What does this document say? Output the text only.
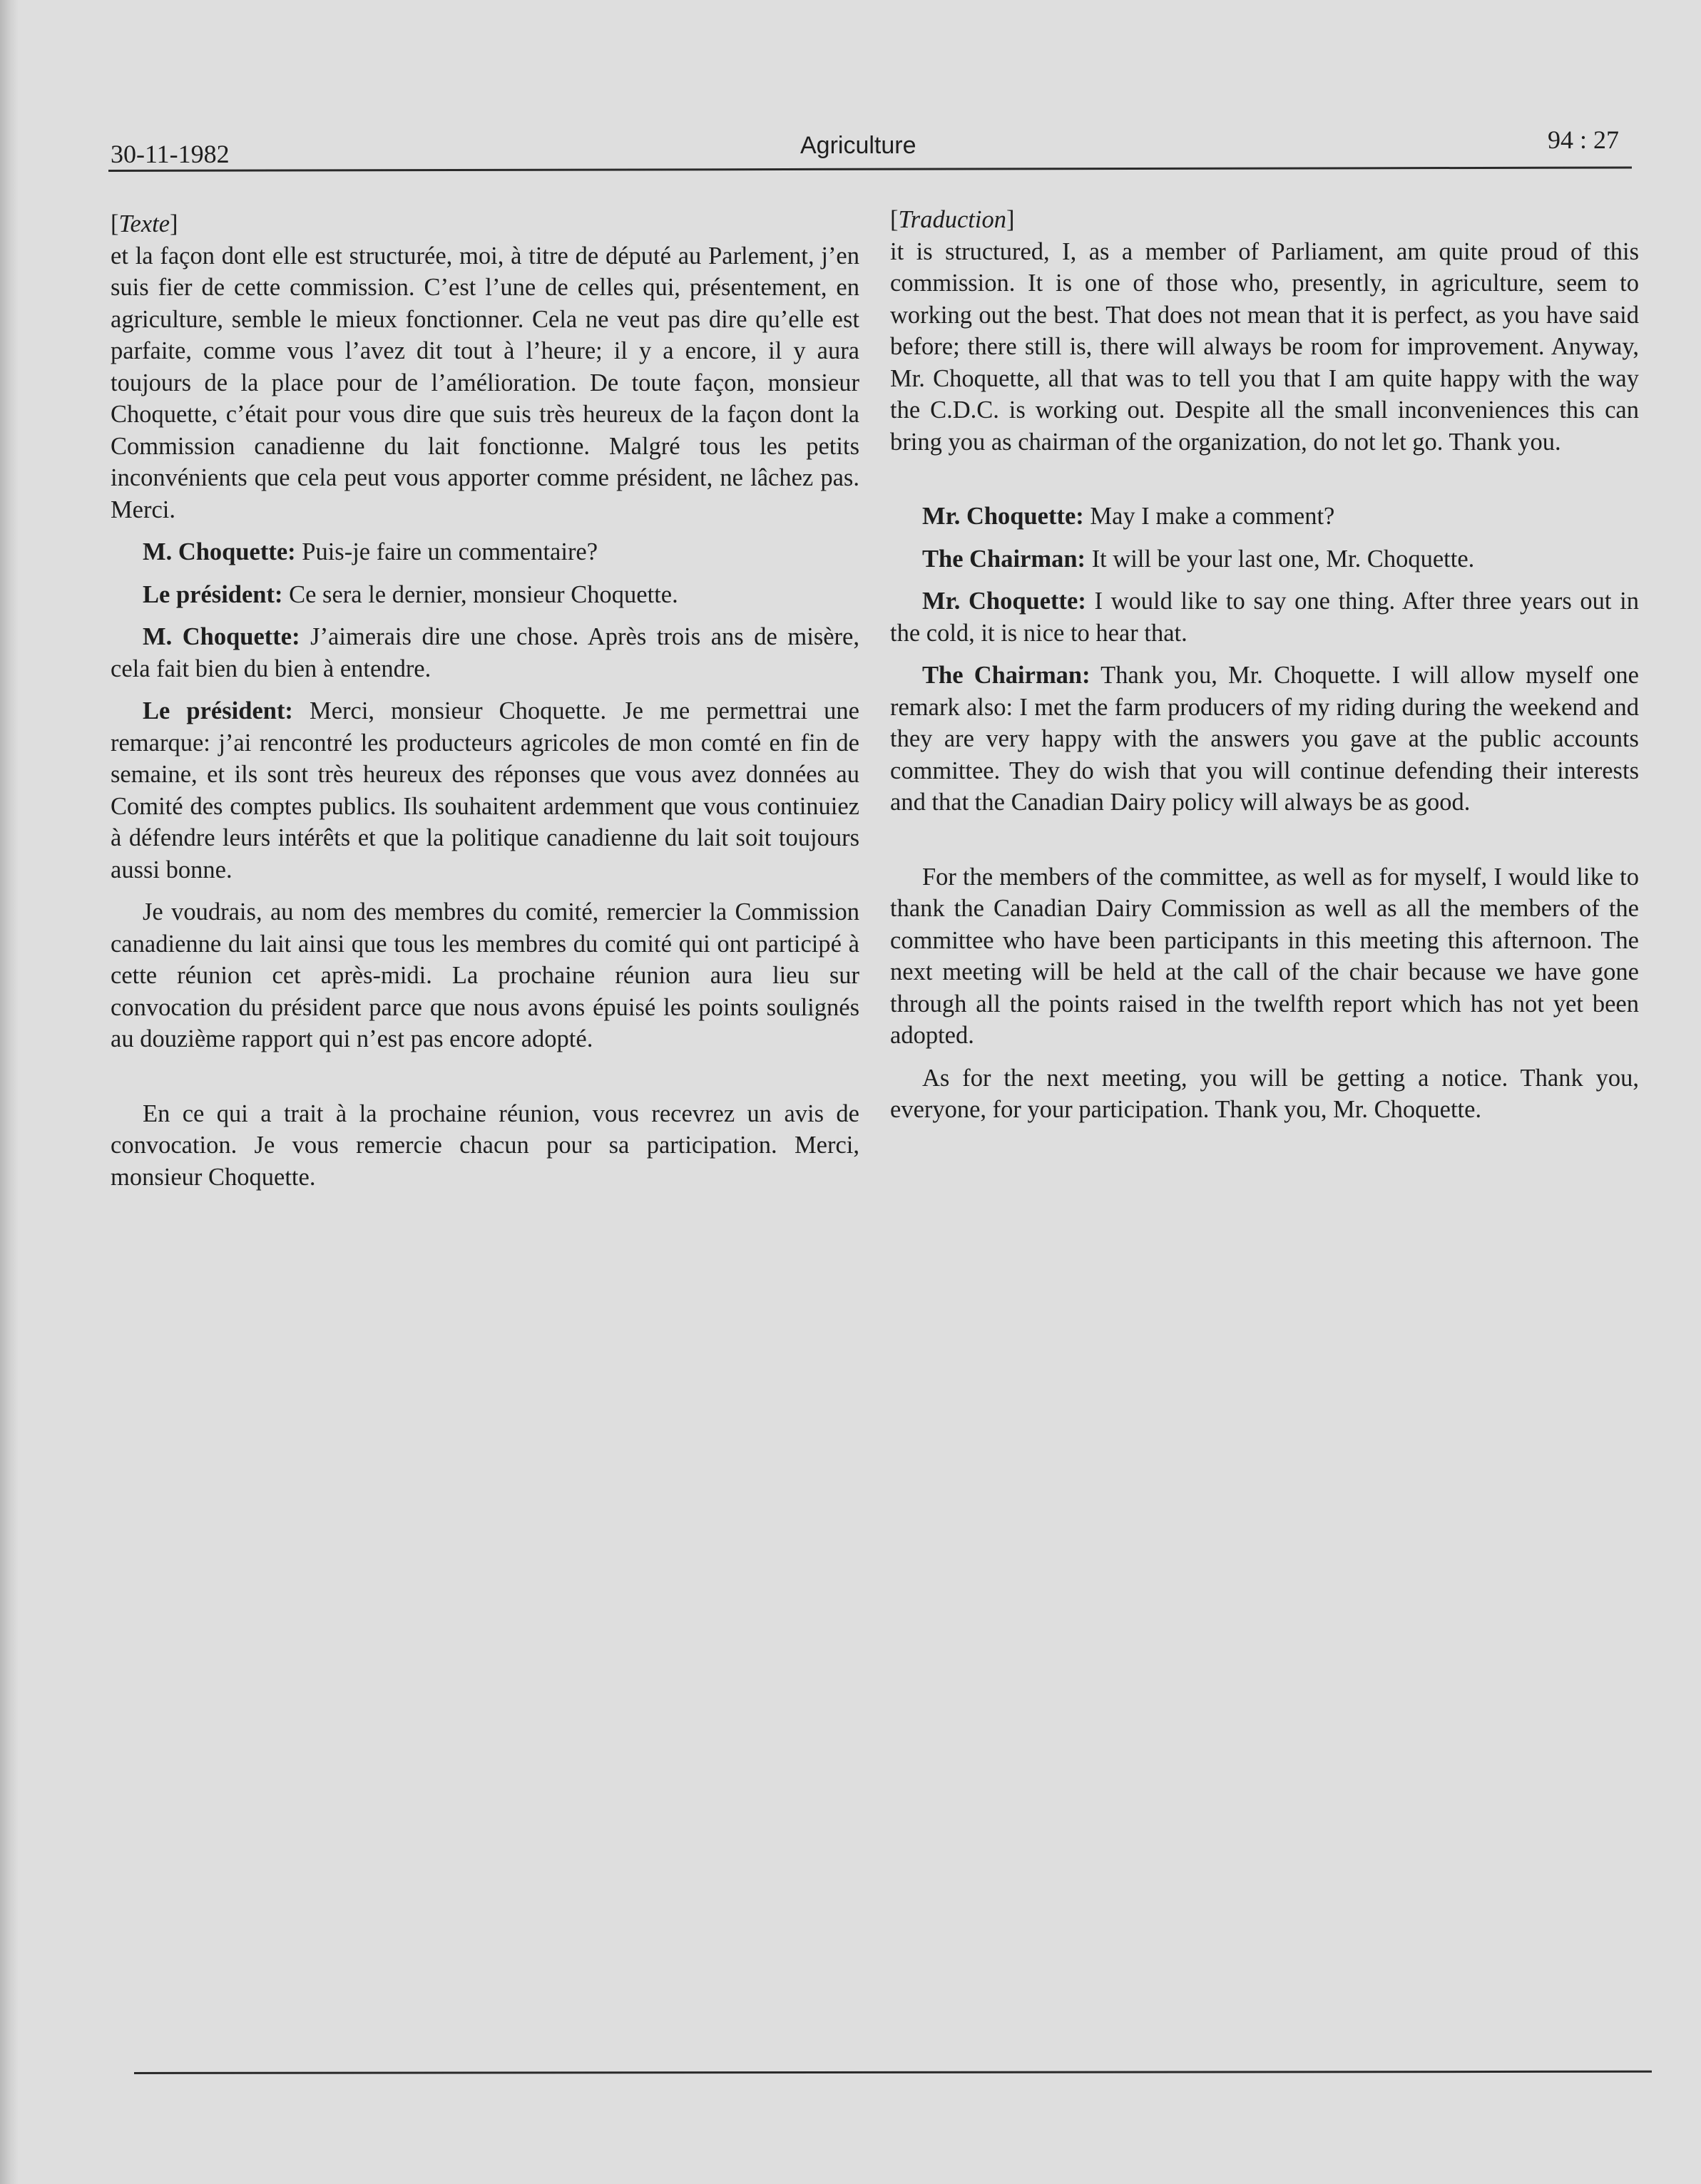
30-11-1982	Agriculture	94 : 27

[Texte]

et la façon dont elle est structurée, moi, à titre de député au Parlement, j’en suis fier de cette commission. C’est l’une de celles qui, présentement, en agriculture, semble le mieux fonctionner. Cela ne veut pas dire qu’elle est parfaite, comme vous l’avez dit tout à l’heure; il y a encore, il y aura toujours de la place pour de l’amélioration. De toute façon, monsieur Choquette, c’était pour vous dire que suis très heureux de la façon dont la Commission canadienne du lait fonctionne. Malgré tous les petits inconvénients que cela peut vous apporter comme président, ne lâchez pas. Merci.

M. Choquette: Puis-je faire un commentaire?

Le président: Ce sera le dernier, monsieur Choquette.

M. Choquette: J’aimerais dire une chose. Après trois ans de misère, cela fait bien du bien à entendre.

Le président: Merci, monsieur Choquette. Je me permettrai une remarque: j’ai rencontré les producteurs agricoles de mon comté en fin de semaine, et ils sont très heureux des réponses que vous avez données au Comité des comptes publics. Ils souhaitent ardemment que vous continuiez à défendre leurs intérêts et que la politique canadienne du lait soit toujours aussi bonne.

Je voudrais, au nom des membres du comité, remercier la Commission canadienne du lait ainsi que tous les membres du comité qui ont participé à cette réunion cet après-midi. La prochaine réunion aura lieu sur convocation du président parce que nous avons épuisé les points soulignés au douzième rapport qui n’est pas encore adopté.

En ce qui a trait à la prochaine réunion, vous recevrez un avis de convocation. Je vous remercie chacun pour sa participation. Merci, monsieur Choquette.

[Traduction]

it is structured, I, as a member of Parliament, am quite proud of this commission. It is one of those who, presently, in agriculture, seem to working out the best. That does not mean that it is perfect, as you have said before; there still is, there will always be room for improvement. Anyway, Mr. Choquette, all that was to tell you that I am quite happy with the way the C.D.C. is working out. Despite all the small inconveniences this can bring you as chairman of the organization, do not let go. Thank you.

Mr. Choquette: May I make a comment?

The Chairman: It will be your last one, Mr. Choquette.

Mr. Choquette: I would like to say one thing. After three years out in the cold, it is nice to hear that.

The Chairman: Thank you, Mr. Choquette. I will allow myself one remark also: I met the farm producers of my riding during the weekend and they are very happy with the answers you gave at the public accounts committee. They do wish that you will continue defending their interests and that the Canadian Dairy policy will always be as good.

For the members of the committee, as well as for myself, I would like to thank the Canadian Dairy Commission as well as all the members of the committee who have been participants in this meeting this afternoon. The next meeting will be held at the call of the chair because we have gone through all the points raised in the twelfth report which has not yet been adopted.

As for the next meeting, you will be getting a notice. Thank you, everyone, for your participation. Thank you, Mr. Choquette.
